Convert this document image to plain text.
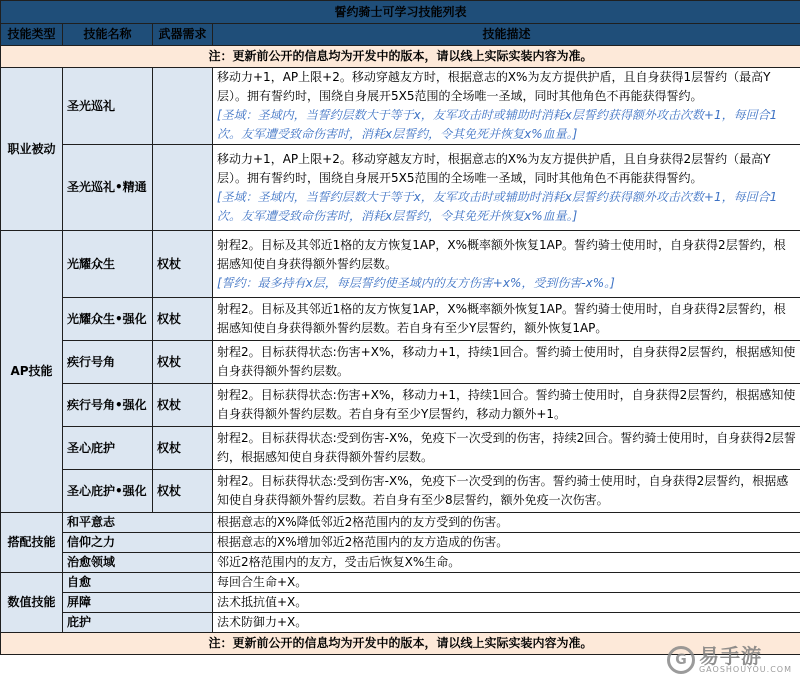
誓约骑士可学习技能列表			
技能类型	技能名称	武器需求	技能描述
注：更新前公开的信息均为开发中的版本，请以线上实际实装内容为准。			
职业被动	圣光巡礼		移动力+1，AP上限+2。移动穿越友方时，根据意志的X%为友方提供护盾，且自身获得1层誓约（最高Y层）。拥有誓约时，围绕自身展开5X5范围的全场唯一圣域，同时其他角色不再能获得誓约。
[圣域：圣域内，当誓约层数大于等于x，友军攻击时或辅助时消耗x层誓约获得额外攻击次数+1，每回合1次。友军遭受致命伤害时，消耗x层誓约，令其免死并恢复x%血量。]

	圣光巡礼•精通		移动力+1，AP上限+2。移动穿越友方时，根据意志的X%为友方提供护盾，且自身获得2层誓约（最高Y层）。拥有誓约时，围绕自身展开5X5范围的全场唯一圣域，同时其他角色不再能获得誓约。
[圣域：圣域内，当誓约层数大于等于x，友军攻击时或辅助时消耗x层誓约获得额外攻击次数+1，每回合1次。友军遭受致命伤害时，消耗x层誓约，令其免死并恢复x%血量。]

AP技能	光耀众生	权杖	射程2。目标及其邻近1格的友方恢复1AP，X%概率额外恢复1AP。誓约骑士使用时，自身获得2层誓约，根据感知使自身获得额外誓约层数。
[誓约：最多持有x层，每层誓约使圣域内的友方伤害+x%，受到伤害-x%。]

	光耀众生•强化	权杖	射程2。目标及其邻近1格的友方恢复1AP，X%概率额外恢复1AP。誓约骑士使用时，自身获得2层誓约，根据感知使自身获得额外誓约层数。若自身有至少Y层誓约，额外恢复1AP。
	疾行号角	权杖	射程2。目标获得状态:伤害+X%，移动力+1，持续1回合。誓约骑士使用时，自身获得2层誓约，根据感知使自身获得额外誓约层数。
	疾行号角•强化	权杖	射程2。目标获得状态:伤害+X%，移动力+1，持续1回合。誓约骑士使用时，自身获得2层誓约，根据感知使自身获得额外誓约层数。若自身有至少Y层誓约，移动力额外+1。
	圣心庇护	权杖	射程2。目标获得状态:受到伤害-X%，免疫下一次受到的伤害，持续2回合。誓约骑士使用时，自身获得2层誓约，根据感知使自身获得额外誓约层数。
	圣心庇护•强化	权杖	射程2。目标获得状态:受到伤害-X%，免疫下一次受到的伤害。誓约骑士使用时，自身获得2层誓约，根据感知使自身获得额外誓约层数。若自身有至少8层誓约，额外免疫一次伤害。
搭配技能	和平意志		根据意志的X%降低邻近2格范围内的友方受到的伤害。
	信仰之力		根据意志的X%增加邻近2格范围内的友方造成的伤害。
	治愈领域		邻近2格范围内的友方，受击后恢复X%生命。
数值技能	自愈		每回合生命+X。
	屏障		法术抵抗值+X。
	庇护		法术防御力+X。
注：更新前公开的信息均为开发中的版本，请以线上实际实装内容为准。			
G 易手游
GAOSHOUYOU.COM
